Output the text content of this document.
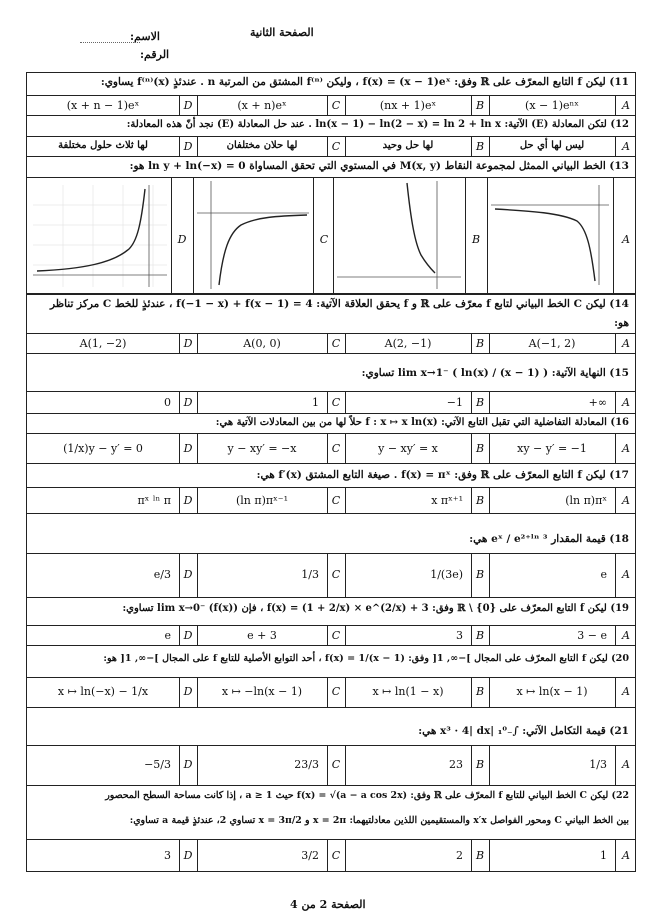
الصفحة الثانية
الاسم:
الرقم:
11) ليكن f التابع المعرّف على ℝ وفق: f(x) = (x − 1)eˣ ، وليكن f⁽ⁿ⁾ المشتق من المرتبة n . عندئذٍ f⁽ⁿ⁾(x) يساوي:
(x + n − 1)eˣ	D	(x + n)eˣ	C	(nx + 1)eˣ	B	(x − 1)eⁿˣ	A
12) لتكن المعادلة (E) الآتية: ln(x − 1) − ln(2 − x) = ln 2 + ln x . عند حل المعادلة (E) نجد أنّ هذه المعادلة:
لها ثلاث حلول مختلفة	D	لها حلان مختلفان	C	لها حل وحيد	B	ليس لها أي حل	A
13) الخط البياني الممثل لمجموعة النقاط M(x, y) في المستوي التي تحقق المساواة ln y + ln(−x) = 0 هو:
D	C	B	A
14) ليكن C الخط البياني لتابع f معرّف على ℝ و f يحقق العلاقة الآتية: f(−1 − x) + f(x − 1) = 4 ، عندئذٍ للخط C مركز تناظر
هو:
A(1, −2)	D	A(0, 0)	C	A(2, −1)	B	A(−1, 2)	A
15) النهاية الآتية: lim x→1⁻ ( ln(x) / (x − 1) ) تساوي:
0	D	1	C	−1	B	+∞	A
16) المعادلة التفاضلية التي تقبل التابع الآتي: f : x ↦ x ln(x) حلاً لها من بين المعادلات الآتية هي:
(1/x)y − y′ = 0	D	y − xy′ = −x	C	y − xy′ = x	B	xy − y′ = −1	A
17) ليكن f التابع المعرّف على ℝ وفق: f(x) = πˣ . صيغة التابع المشتق f′(x) هي:
πˣ ˡⁿ π	D	(ln π)πˣ⁻¹	C	x πˣ⁺¹	B	(ln π)πˣ	A
18) قيمة المقدار eˣ / e²⁺ˡⁿ ³ هي:
e/3	D	1/3	C	1/(3e)	B	e	A
19) ليكن f التابع المعرّف على ℝ \ {0} وفق: f(x) = (1 + 2/x) × e^(2/x) + 3 ، فإن lim x→0⁻ (f(x)) تساوي:
e	D	e + 3	C	3	B	3 − e	A
20) ليكن f التابع المعرّف على المجال ]−∞, 1[ وفق: f(x) = 1/(x − 1) ، أحد التوابع الأصلية للتابع f على المجال ]−∞, 1[ هو:
x ↦ ln(−x) − 1/x	D	x ↦ −ln(x − 1)	C	x ↦ ln(1 − x)	B	x ↦ ln(x − 1)	A
21) قيمة التكامل الآتي: ∫₋₁⁰ |x³ · 4| dx هي:
−5/3	D	23/3	C	23	B	1/3	A
22) ليكن C الخط البياني للتابع f المعرّف على ℝ وفق: f(x) = √(a − a cos 2x) حيث a ≥ 1 ، إذا كانت مساحة السطح المحصور
بين الخط البياني C ومحور الفواصل x′x والمستقيمين اللذين معادلتيهما: x = 2π و x = 3π/2 تساوي 2، عندئذٍ قيمة a تساوي:
3	D	3/2	C	2	B	1	A
الصفحة 2 من 4
